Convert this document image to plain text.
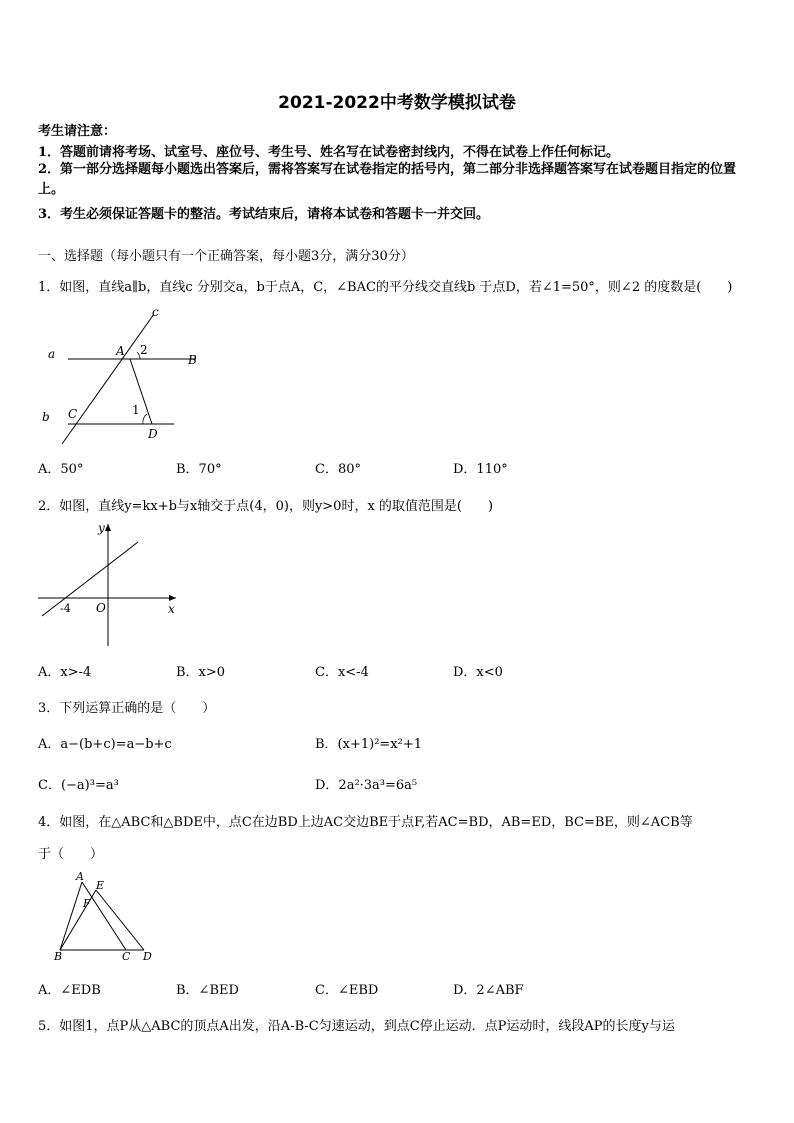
2021-2022中考数学模拟试卷
考生请注意：
1．答题前请将考场、试室号、座位号、考生号、姓名写在试卷密封线内，不得在试卷上作任何标记。
2．第一部分选择题每小题选出答案后，需将答案写在试卷指定的括号内，第二部分非选择题答案写在试卷题目指定的位置上。
3．考生必须保证答题卡的整洁。考试结束后，请将本试卷和答题卡一并交回。
一、选择题（每小题只有一个正确答案，每小题3分，满分30分）
1．如图，直线a∥b，直线c 分别交a，b于点A，C，∠BAC的平分线交直线b 于点D，若∠1=50°，则∠2 的度数是(　　)
c
a	A 2
B
b C	1
D
A．50°	B．70°	C．80°	D．110°
2．如图，直线y=kx+b与x轴交于点(4，0)，则y>0时，x 的取值范围是(　　)
y
x
O
-4
A．x>-4	B．x>0	C．x<-4	D．x<0
3．下列运算正确的是（　　）
A．a−(b+c)=a−b+c	B．(x+1)²=x²+1
C．(−a)³=a³	D．2a²·3a³=6a⁵
4．如图，在△ABC和△BDE中，点C在边BD上边AC交边BE于点F,若AC=BD，AB=ED，BC=BE，则∠ACB等
于（　　）
A
E
F
B	C D
A．∠EDB	B．∠BED	C．∠EBD	D．2∠ABF
5．如图1，点P从△ABC的顶点A出发，沿A-B-C匀速运动，到点C停止运动．点P运动时，线段AP的长度y与运
